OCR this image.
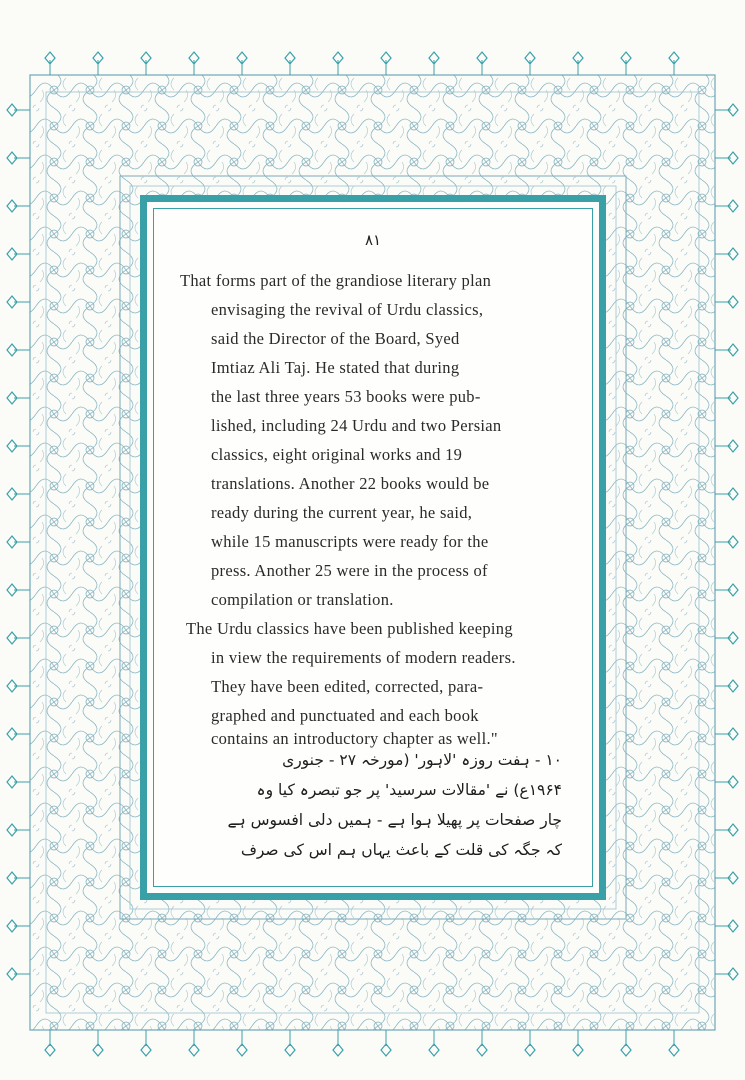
۸۱
That forms part of the grandiose literary plan
envisaging the revival of Urdu classics,
said the Director of the Board, Syed
Imtiaz Ali Taj. He stated that during
the last three years 53 books were pub-
lished, including 24 Urdu and two Persian
classics, eight original works and 19
translations. Another 22 books would be
ready during the current year, he said,
while 15 manuscripts were ready for the
press. Another 25 were in the process of
compilation or translation.
The Urdu classics have been published keeping
in view the requirements of modern readers.
They have been edited, corrected, para-
graphed and punctuated and each book
contains an introductory chapter as well."
۱۰ - ہفت روزہ 'لاہور' (مورخہ ۲۷ - جنوری
۱۹۶۴ع) نے 'مقالات سرسید' پر جو تبصرہ کیا وہ
چار صفحات پر پھیلا ہوا ہے - ہمیں دلی افسوس ہے
کہ جگہ کی قلت کے باعث یہاں ہم اس کی صرف
